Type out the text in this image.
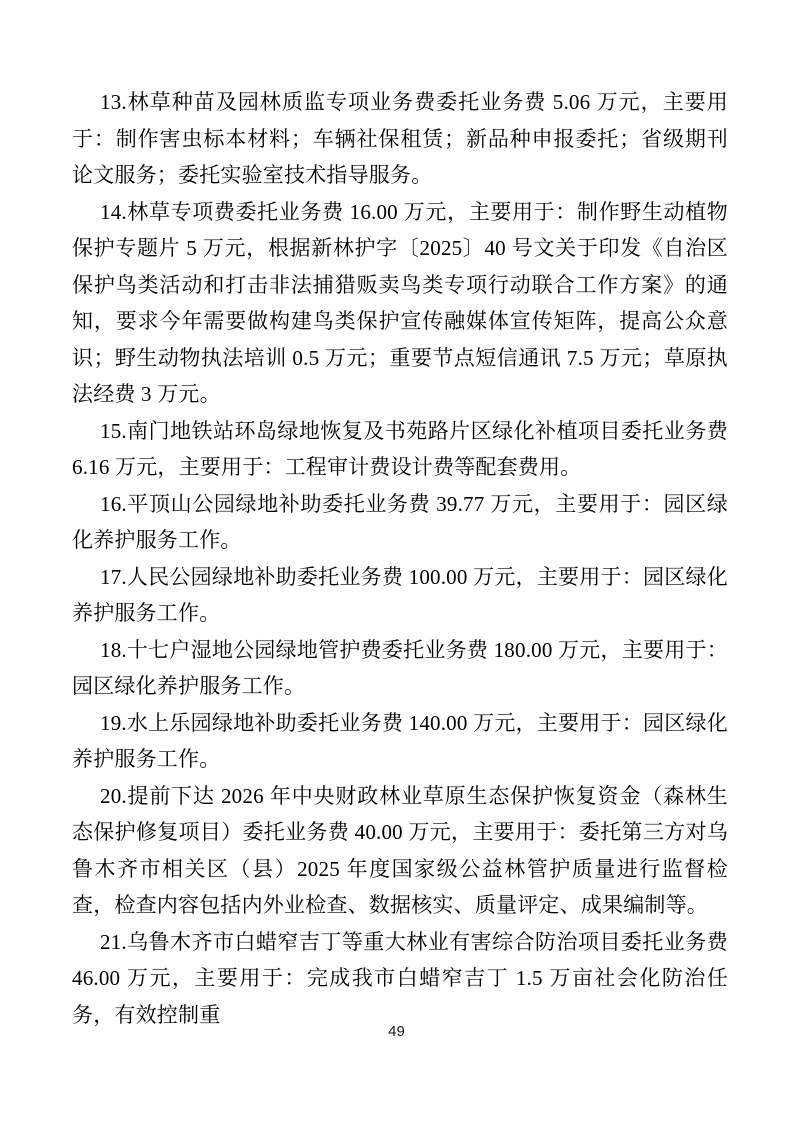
13.林草种苗及园林质监专项业务费委托业务费 5.06 万元，主要用于：制作害虫标本材料；车辆社保租赁；新品种申报委托；省级期刊论文服务；委托实验室技术指导服务。

14.林草专项费委托业务费 16.00 万元，主要用于：制作野生动植物保护专题片 5 万元，根据新林护字〔2025〕40 号文关于印发《自治区保护鸟类活动和打击非法捕猎贩卖鸟类专项行动联合工作方案》的通知，要求今年需要做构建鸟类保护宣传融媒体宣传矩阵，提高公众意识；野生动物执法培训 0.5 万元；重要节点短信通讯 7.5 万元；草原执法经费 3 万元。

15.南门地铁站环岛绿地恢复及书苑路片区绿化补植项目委托业务费 6.16 万元，主要用于：工程审计费设计费等配套费用。

16.平顶山公园绿地补助委托业务费 39.77 万元，主要用于：园区绿化养护服务工作。

17.人民公园绿地补助委托业务费 100.00 万元，主要用于：园区绿化养护服务工作。

18.十七户湿地公园绿地管护费委托业务费 180.00 万元，主要用于：园区绿化养护服务工作。

19.水上乐园绿地补助委托业务费 140.00 万元，主要用于：园区绿化养护服务工作。

20.提前下达 2026 年中央财政林业草原生态保护恢复资金（森林生态保护修复项目）委托业务费 40.00 万元，主要用于：委托第三方对乌鲁木齐市相关区（县）2025 年度国家级公益林管护质量进行监督检查，检查内容包括内外业检查、数据核实、质量评定、成果编制等。

21.乌鲁木齐市白蜡窄吉丁等重大林业有害综合防治项目委托业务费 46.00 万元，主要用于：完成我市白蜡窄吉丁 1.5 万亩社会化防治任务，有效控制重

49
